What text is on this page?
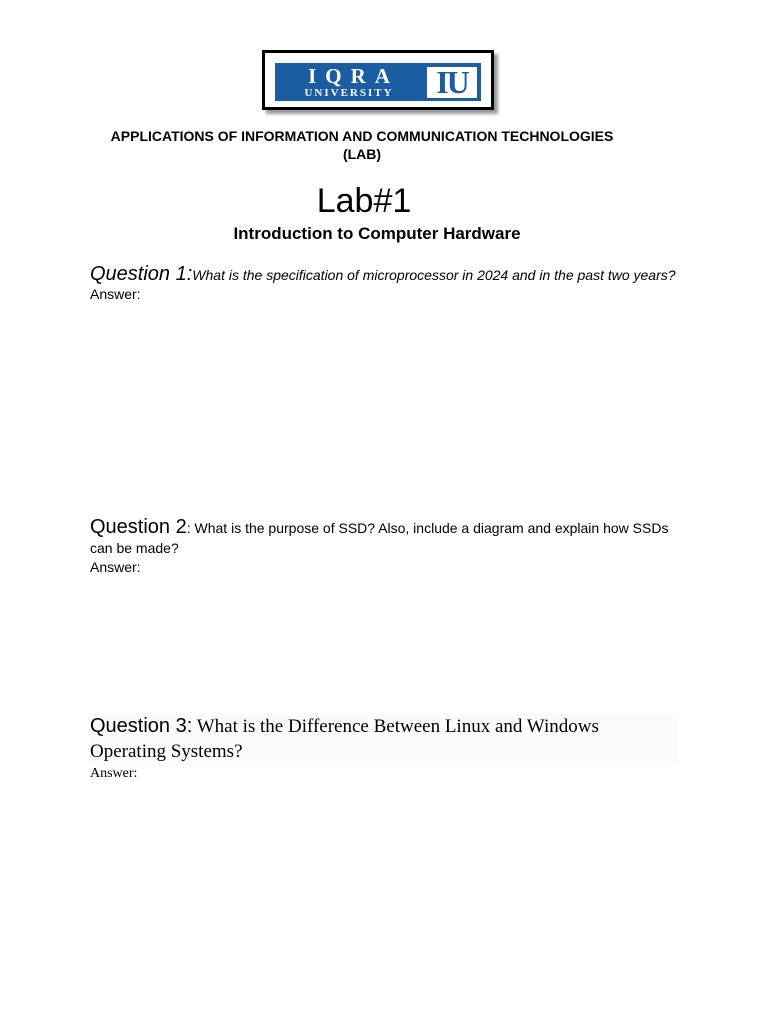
IQRA
UNIVERSITY	IU
APPLICATIONS OF INFORMATION AND COMMUNICATION TECHNOLOGIES
(LAB)
Lab#1
Introduction to Computer Hardware
Question 1:What is the specification of microprocessor in 2024 and in the past two years?
Answer:
Question 2: What is the purpose of SSD? Also, include a diagram and explain how SSDs can be made?
Answer:
Question 3: What is the Difference Between Linux and Windows Operating Systems?
Answer:
